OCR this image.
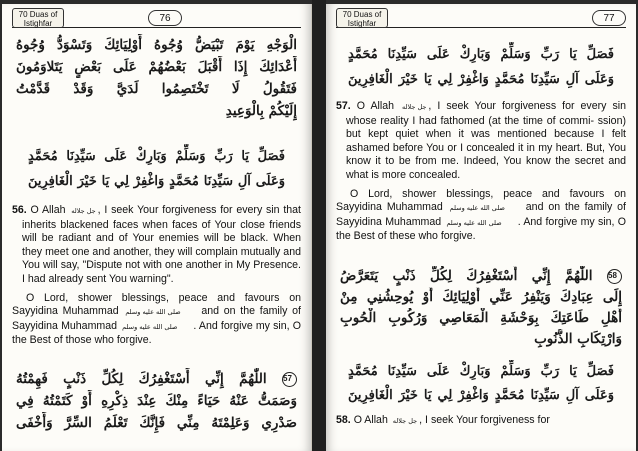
70 Duas of
Istighfar	76
الْوَجْهِ يَوْمَ تَبْيَضُّ وُجُوهُ أَوْلِيَائِكَ وَتَسْوَدُّ وُجُوهُ
أَعْدَائِكَ إِذَا أَقْبَلَ بَعْضُهُمْ عَلَى بَعْضٍ يَتَلاوَمُونَ
فَتَقُولُ لَا تَخْتَصِمُوا لَدَيَّ وَقَدْ قَدَّمْتُ
إِلَيْكُمْ بِالْوَعِيدِ
فَصَلِّ يَا رَبِّ وَسَلِّمْ وَبَارِكْ عَلَى سَيِّدِنَا مُحَمَّدٍ
وَعَلَى آلِ سَيِّدِنَا مُحَمَّدٍ وَاغْفِرْ لِي يَا خَيْرَ الْغَافِرِينَ

56. O Allah جل جلاله , I seek Your forgiveness for every sin that inherits blackened faces when faces of Your close friends will be radiant and of Your enemies will be black. When they meet one and another, they will complain mutually and You will say, "Dispute not with one another in My Presence. I had already sent You warning".

O Lord, shower blessings, peace and favours on Sayyidina Muhammad صلى الله عليه وسلم and on the family of Sayyidina Muhammad صلى الله عليه وسلم . And forgive my sin, O the Best of those who forgive.

57 اللّٰهُمَّ إِنِّي أَسْتَغْفِرُكَ لِكُلِّ ذَنْبٍ فَهِمْتُهُ
وَصَمَتُّ عَنْهُ حَيَاءً مِنْكَ عِنْدَ ذِكْرِهِ أَوْ كَتَمْتُهُ فِي
صَدْرِي وَعَلِمْتَهُ مِنِّي فَإِنَّكَ تَعْلَمُ السِّرَّ وَأَخْفَى
70 Duas of
Istighfar	77
فَصَلِّ يَا رَبِّ وَسَلِّمْ وَبَارِكْ عَلَى سَيِّدِنَا مُحَمَّدٍ
وَعَلَى آلِ سَيِّدِنَا مُحَمَّدٍ وَاغْفِرْ لِي يَا خَيْرَ الْغَافِرِينَ

57. O Allah جل جلاله , I seek Your forgiveness for every sin whose reality I had fathomed (at the time of commi- ssion) but kept quiet when it was mentioned because I felt ashamed before You or I concealed it in my heart. But, You know it to be from me. Indeed, You know the secret and what is more concealed.

O Lord, shower blessings, peace and favours on Sayyidina Muhammad صلى الله عليه وسلم and on the family of Sayyidina Muhammad صلى الله عليه وسلم . And forgive my sin, O the Best of these who forgive.

58 اللّٰهُمَّ إِنِّي أَسْتَغْفِرُكَ لِكُلِّ ذَنْبٍ يَتَعَرَّضُ
إِلَى عِبَادِكَ وَيَنْفِرُ عَنِّي أَوْلِيَائِكَ أَوْ يُوحِشُنِي مِنْ
أَهْلِ طَاعَتِكَ بِوَحْشَةِ الْمَعَاصِي وَرُكُوبِ الْحُوبِ
وَارْتِكَابِ الذُّنُوبِ
فَصَلِّ يَا رَبِّ وَسَلِّمْ وَبَارِكْ عَلَى سَيِّدِنَا مُحَمَّدٍ
وَعَلَى آلِ سَيِّدِنَا مُحَمَّدٍ وَاغْفِرْ لِي يَا خَيْرَ الْغَافِرِينَ

58. O Allah جل جلاله , I seek Your forgiveness for
